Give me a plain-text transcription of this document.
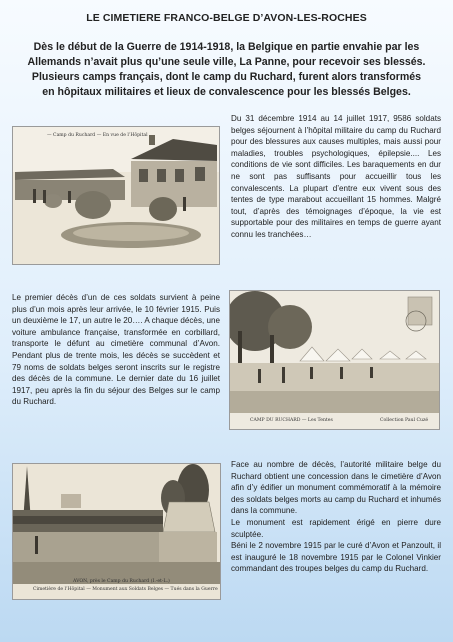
LE CIMETIERE FRANCO-BELGE D’AVON-LES-ROCHES
Dès le début de la Guerre de 1914-1918, la Belgique en partie envahie par les
Allemands n’avait plus qu’une seule ville, La Panne, pour recevoir ses blessés.
Plusieurs camps français, dont le camp du Ruchard, furent alors transformés
en hôpitaux militaires et lieux de convalescence pour les blessés Belges.
— Camp du Ruchard — En vue de l’Hôpital

Du 31 décembre 1914 au 14 juillet 1917, 9586 soldats belges séjournent à l’hôpital militaire du camp du Ruchard pour des blessures aux causes multiples, mais aussi pour maladies, troubles psychologiques, épilepsie.... Les conditions de vie sont difficiles. Les baraquements en dur ne sont pas suffisants pour accueillir tous les convalescents. La plupart d’entre eux vivent sous des tentes de type marabout accueillant 15 hommes. Malgré tout, d’après des témoignages d’époque, la vie est supportable pour des militaires en temps de guerre ayant connu les tranchées…

Le premier décès d’un de ces soldats survient à peine plus d’un mois après leur arrivée, le 10 février 1915. Puis un deuxième le 17, un autre le 20…. A chaque décès, une voiture ambulance française, transformée en corbillard, transporte le défunt au cimetière communal d’Avon. Pendant plus de trente mois, les décès se succèdent et 79 noms de soldats belges seront inscrits sur le registre des décès de la commune. Le dernier date du 16 juillet 1917, peu après la fin du séjour des Belges sur le camp du Ruchard.

CAMP DU RUCHARD — Les Tentes	Collection Paul Cuzé
AVON, près le Camp du Ruchard (I.-et-L.)
Cimetière de l’Hôpital — Monument aux Soldats Belges — Tués dans la Guerre

Face au nombre de décès, l’autorité militaire belge du Ruchard obtient une concession dans le cimetière d’Avon afin d’y édifier un monument commémoratif à la mémoire des soldats belges morts au camp du Ruchard et inhumés dans la commune.

Le monument est rapidement érigé en pierre dure sculptée.

Béni le 2 novembre 1915 par le curé d’Avon et Panzoult, il est inauguré le 18 novembre 1915 par le Colonel Vinkier commandant des troupes belges du camp du Ruchard.
